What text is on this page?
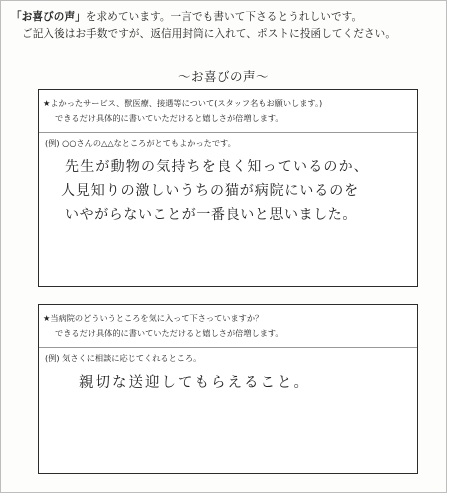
「お喜びの声」を求めています。一言でも書いて下さるとうれしいです。
ご記入後はお手数ですが、返信用封筒に入れて、ポストに投函してください。
～お喜びの声～
★よかったサービス、獣医療、接遇等について(スタッフ名もお願いします。)
できるだけ具体的に書いていただけると嬉しさが倍増します。
(例) ○○さんの△△なところがとてもよかったです。
先生が動物の気持ちを良く知っているのか、
人見知りの激しいうちの猫が病院にいるのを
いやがらないことが一番良いと思いました。
★当病院のどういうところを気に入って下さっていますか？
できるだけ具体的に書いていただけると嬉しさが倍増します。
(例) 気さくに相談に応じてくれるところ。
親切な送迎してもらえること。
